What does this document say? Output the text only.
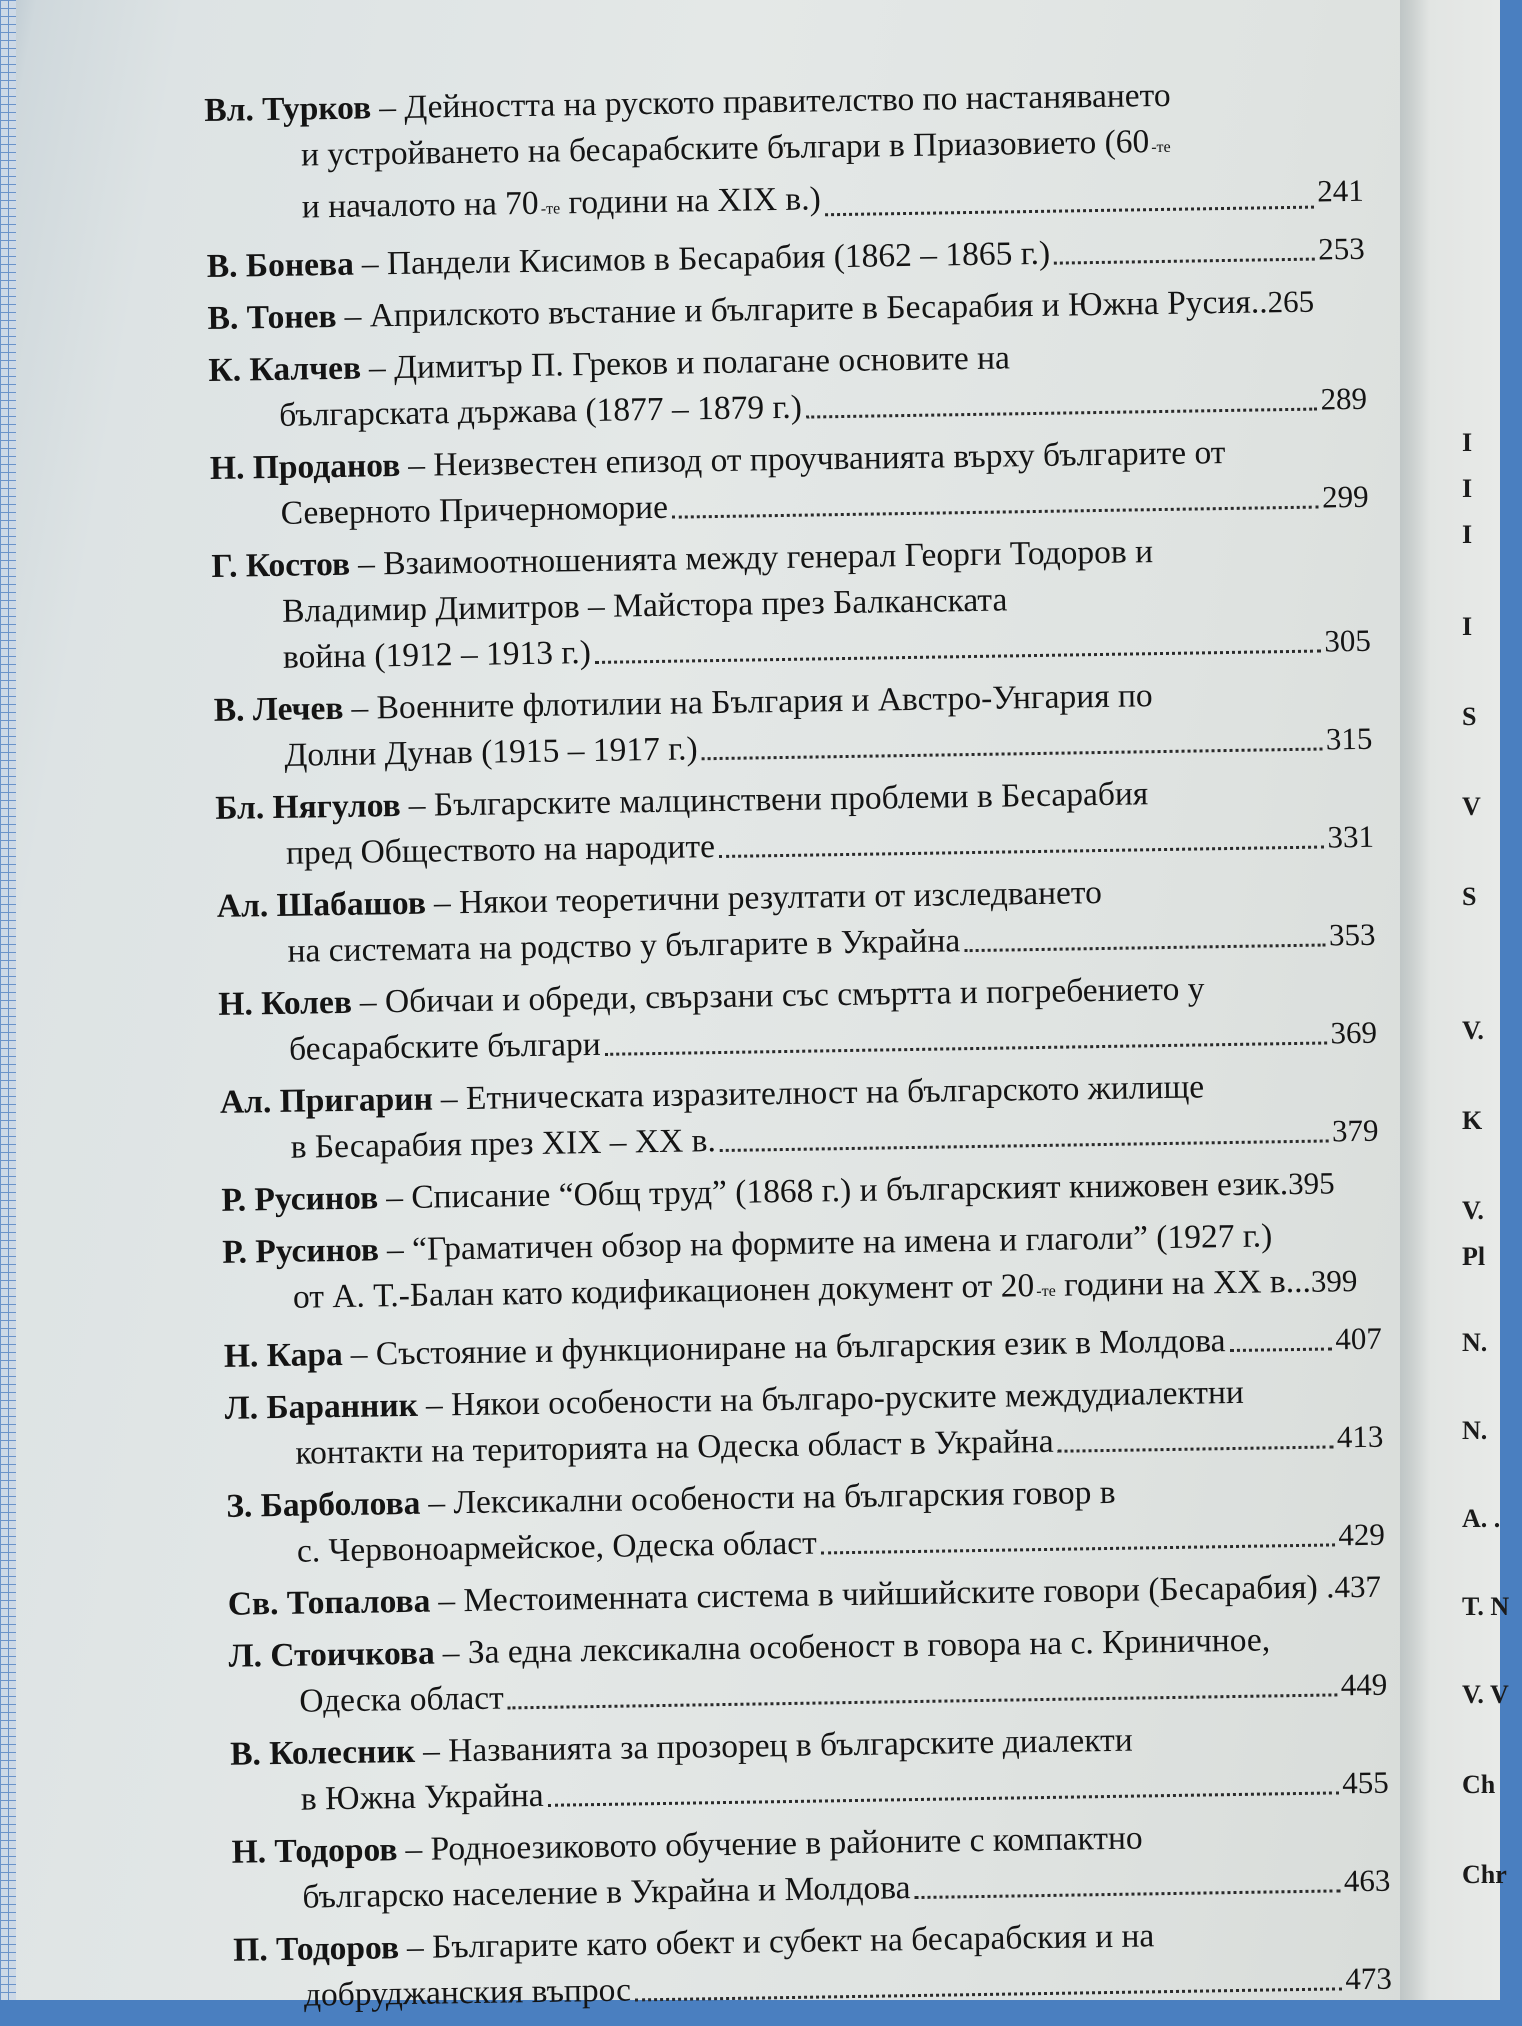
I
I
I
I
S
V
S
V.
K
V.
Pl
N.
N.
A. .
T. N
V. V
Ch
Chr
Вл. Турков – Дейността на руското правителство по настаняването
и устройването на бесарабските българи в Приазовието (60 -те
и началото на 70 -те
години на XIX в.)	241
В. Бонева – Пандели Кисимов в Бесарабия (1862 – 1865 г.)	253
В. Тонев – Априлското въстание и българите в Бесарабия и Южна Русия.. 265
К. Калчев – Димитър П. Греков и полагане основите на
българската държава (1877 – 1879 г.)	289
Н. Проданов – Неизвестен епизод от проучванията върху българите от
Северното Причерноморие	299
Г. Костов – Взаимоотношенията между генерал Георги Тодоров и
Владимир Димитров – Майстора през Балканската
война (1912 – 1913 г.)	305
В. Лечев – Военните флотилии на България и Австро-Унгария по
Долни Дунав (1915 – 1917 г.)	315
Бл. Нягулов – Българските малцинствени проблеми в Бесарабия
пред Обществото на народите	331
Ал. Шабашов – Някои теоретични резултати от изследването
на системата на родство у българите в Украйна	353
Н. Колев – Обичаи и обреди, свързани със смъртта и погребението у
бесарабските българи	369
Ал. Пригарин – Етническата изразителност на българското жилище
в Бесарабия през XIX – XX в.	379
Р. Русинов – Списание “Общ труд” (1868 г.) и българският книжовен език. 395
Р. Русинов – “Граматичен обзор на формите на имена и глаголи” (1927 г.)
от А. Т.-Балан като кодификационен документ от 20 -те
години на XX в... 399
Н. Кара – Състояние и функциониране на българския език в Молдова	407
Л. Баранник – Някои особености на българо-руските междудиалектни
контакти на територията на Одеска област в Украйна	413
З. Барболова – Лексикални особености на българския говор в
с. Червоноармейское, Одеска област	429
Св. Топалова – Местоименната система в чийшийските говори (Бесарабия) . 437
Л. Стоичкова – За една лексикална особеност в говора на с. Криничное,
Одеска област	449
В. Колесник – Названията за прозорец в българските диалекти
в Южна Украйна	455
Н. Тодоров – Родноезиковото обучение в районите с компактно
българско население в Украйна и Молдова	463
П. Тодоров – Българите като обект и субект на бесарабския и на
добруджанския въпрос	473
